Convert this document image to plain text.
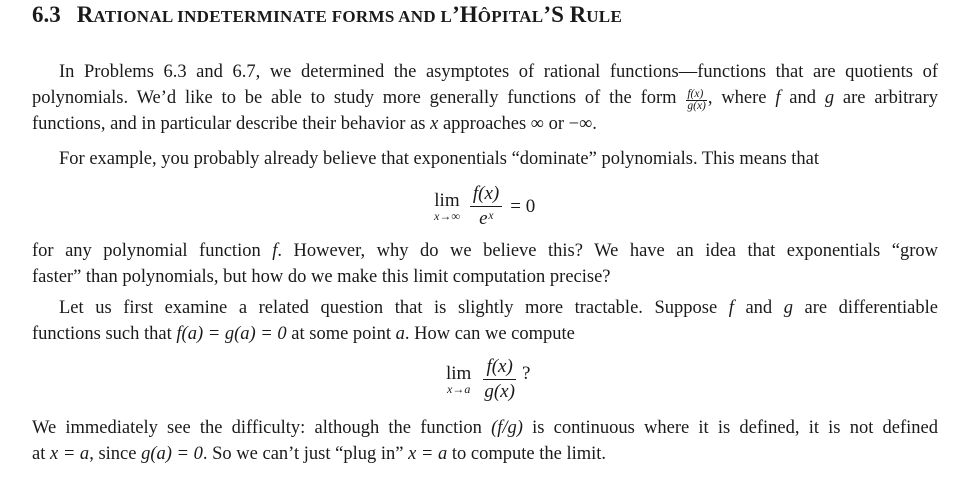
6.3 RATIONAL INDETERMINATE FORMS AND L’HÔPITAL’S RULE
In Problems 6.3 and 6.7, we determined the asymptotes of rational functions—functions that are quotients of
polynomials. We’d like to be able to study more generally functions of the form $\frac{f(x)}{g(x)}$ , where f and g are arbitrary
functions, and in particular describe their behavior as x approaches ∞ or −∞.
For example, you probably already believe that exponentials “dominate” polynomials. This means that
lim
$x\to\infty \frac{f(x)}{\text{eˣ}} = 0$
for any polynomial function f. However, why do we believe this? We have an idea that exponentials “grow
faster” than polynomials, but how do we make this limit computation precise?
Let us first examine a related question that is slightly more tractable. Suppose f and g are differentiable
functions such that f(a) = g(a) = 0 at some point a. How can we compute
lim
x→a
f(x)
g(x)
?
We immediately see the difficulty: although the function (f/g) is continuous where it is defined, it is not defined
at x = a, since g(a) = 0. So we can’t just “plug in” x = a to compute the limit.
